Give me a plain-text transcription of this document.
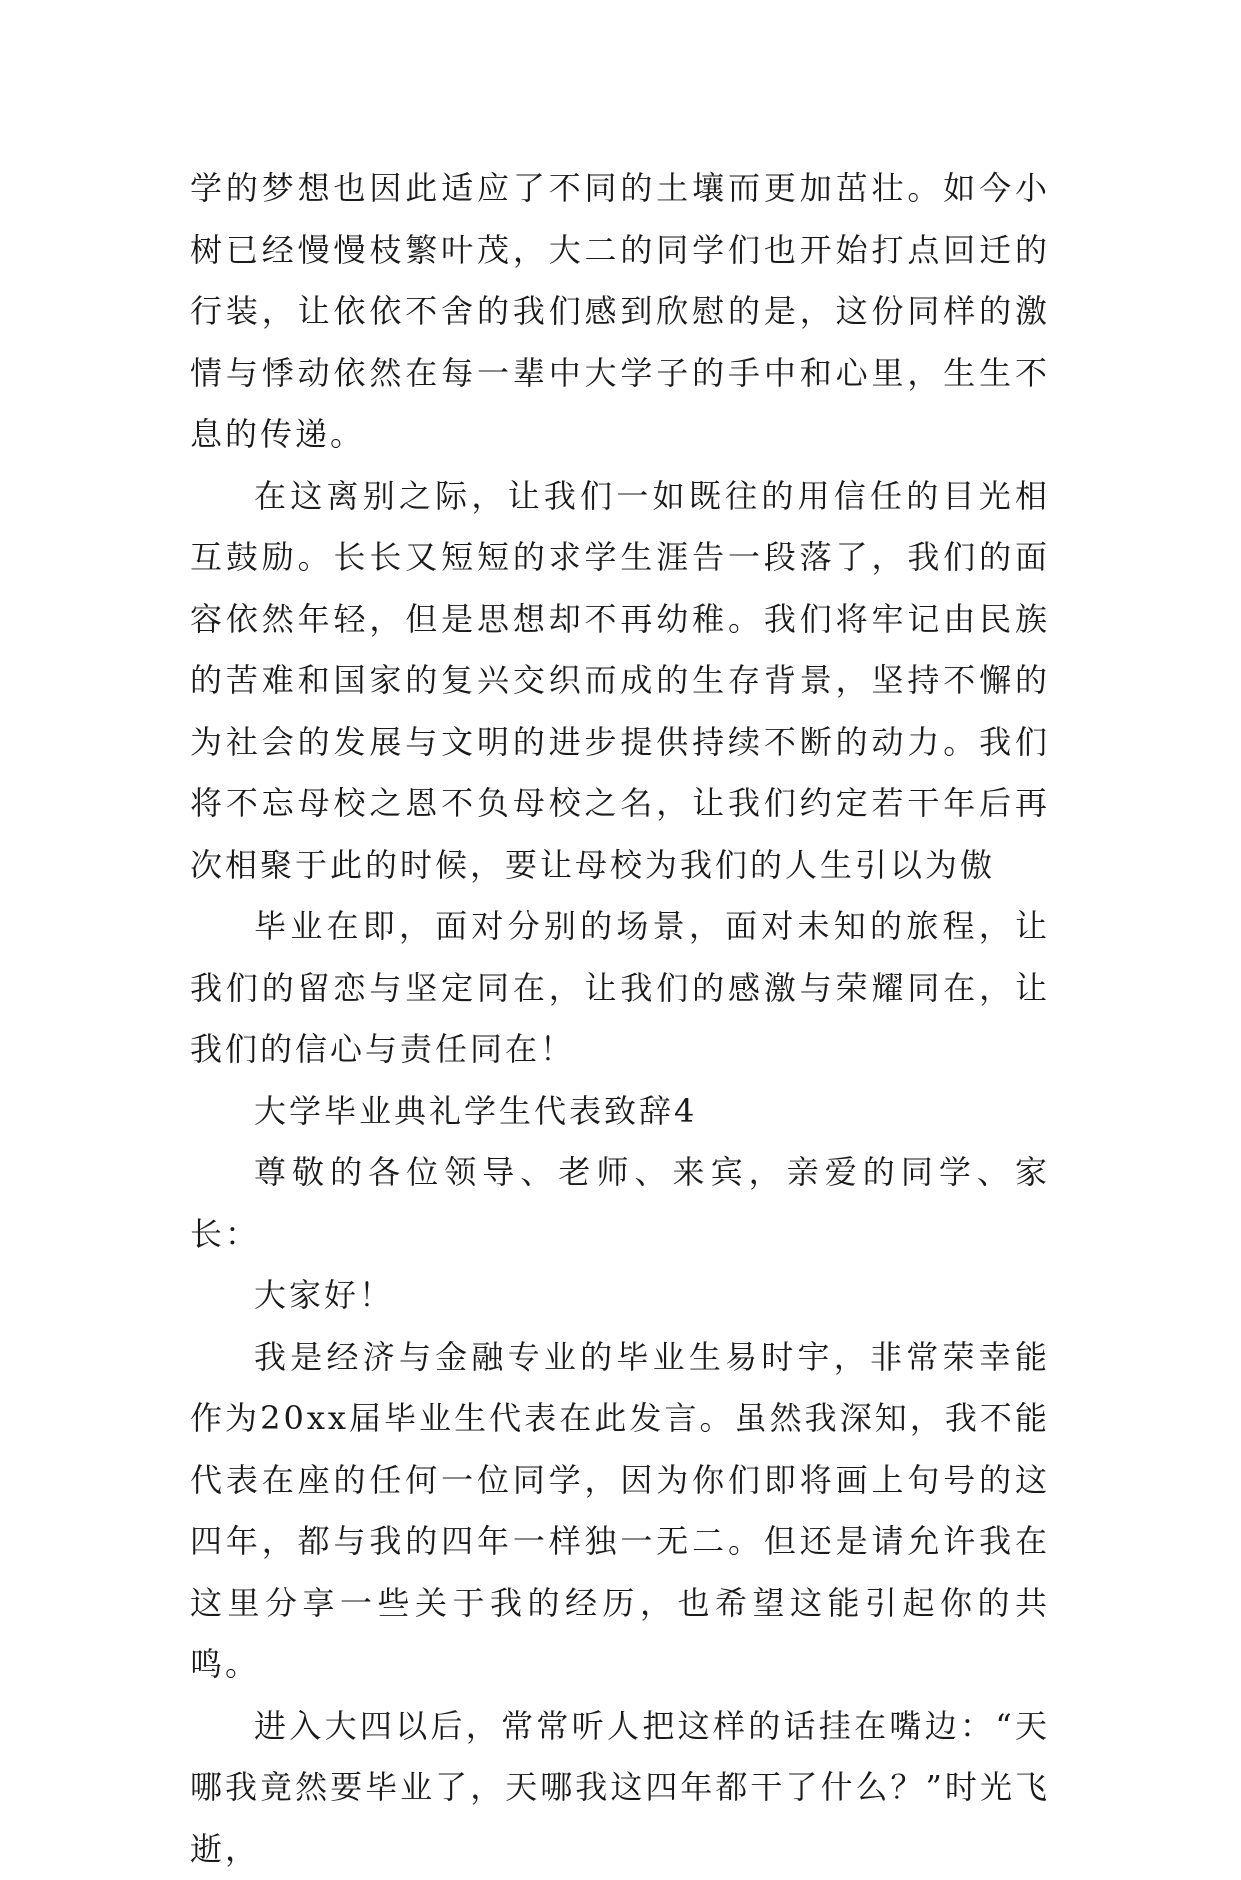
学的梦想也因此适应了不同的土壤而更加茁壮。如今小树已经慢慢枝繁叶茂，大二的同学们也开始打点回迁的行装，让依依不舍的我们感到欣慰的是，这份同样的激情与悸动依然在每一辈中大学子的手中和心里，生生不息的传递。

在这离别之际，让我们一如既往的用信任的目光相互鼓励。长长又短短的求学生涯告一段落了，我们的面容依然年轻，但是思想却不再幼稚。我们将牢记由民族的苦难和国家的复兴交织而成的生存背景，坚持不懈的为社会的发展与文明的进步提供持续不断的动力。我们将不忘母校之恩不负母校之名，让我们约定若干年后再次相聚于此的时候，要让母校为我们的人生引以为傲

毕业在即，面对分别的场景，面对未知的旅程，让我们的留恋与坚定同在，让我们的感激与荣耀同在，让我们的信心与责任同在！

大学毕业典礼学生代表致辞4

尊敬的各位领导、老师、来宾，亲爱的同学、家长：

大家好！

我是经济与金融专业的毕业生易时宇，非常荣幸能作为20xx届毕业生代表在此发言。虽然我深知，我不能代表在座的任何一位同学，因为你们即将画上句号的这四年，都与我的四年一样独一无二。但还是请允许我在这里分享一些关于我的经历，也希望这能引起你的共鸣。

进入大四以后，常常听人把这样的话挂在嘴边：“天哪我竟然要毕业了，天哪我这四年都干了什么？”时光飞逝，
